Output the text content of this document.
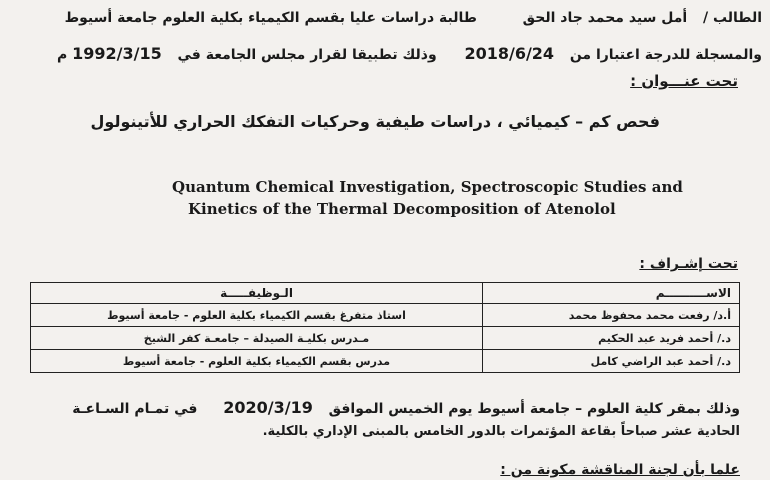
الطالب /  أمل سيد محمد جاد الحق  طالبة دراسات عليا بقسم الكيمياء بكلية العلوم جامعة أسيوط
والمسجلة للدرجة اعتبارا من  2018/6/24  وذلك تطبيقا لقرار مجلس الجامعة في  1992/3/15 م
تحت عنـــوان :
فحص كم – كيميائي ، دراسات طيفية وحركيات التفكك الحراري للأتينولول
Quantum Chemical Investigation, Spectroscopic Studies and
Kinetics of the Thermal Decomposition of Atenolol
تحت إشـراف :
الاســــــــــم	الـوظيفـــــة
أ.د/ رفعت محمد محفوظ محمد	استاذ متفرغ بقسم الكيمياء بكلية العلوم - جامعة أسيوط
د./ أحمد فريد عبد الحكيم	مـدرس بكليـة الصيدلة – جامعـة كفر الشيخ
د./ أحمد عبد الراضي كامل	مدرس بقسم الكيمياء بكلية العلوم - جامعة أسيوط
وذلك بمقر كلية العلوم – جامعة أسيوط يوم الخميس الموافق  2020/3/19  في تمـام السـاعـة
الحادية عشر صباحاً بقاعة المؤتمرات بالدور الخامس بالمبنى الإداري بالكلية.
علما بأن لجنة المناقشة مكونة من :
